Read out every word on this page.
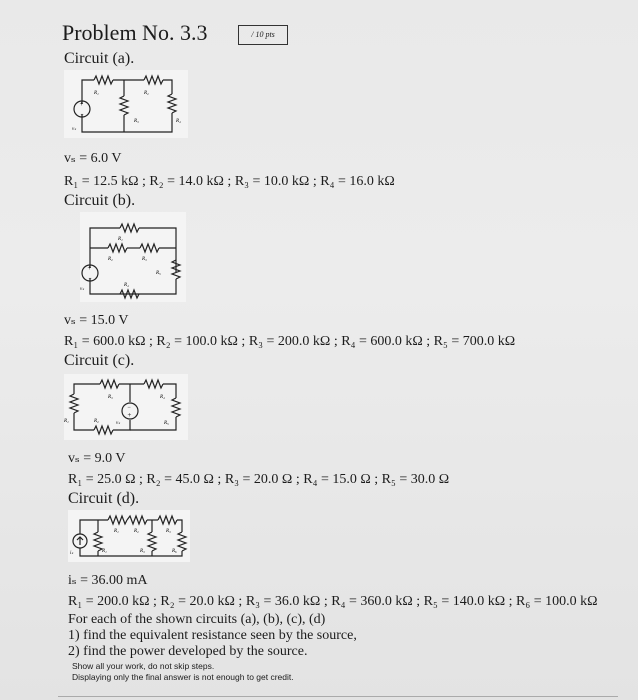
Problem No. 3.3	/ 10 pts
Circuit (a).
+
−
R₁	R₂
R₃	R₄
vₛ
vₛ = 6.0 V
R₁ = 12.5 kΩ ; R₂ = 14.0 kΩ ; R₃ = 10.0 kΩ ; R₄ = 16.0 kΩ
Circuit (b).
+
−
R₁
R₂	R₃
R₅
R₄
vₛ
vₛ = 15.0 V
R₁ = 600.0 kΩ ; R₂ = 100.0 kΩ ; R₃ = 200.0 kΩ ; R₄ = 600.0 kΩ ; R₅ = 700.0 kΩ
Circuit (c).
−
+
R₃	R₄
R₁	R₂	vₛ	R₅
vₛ = 9.0 V
R₁ = 25.0 Ω ; R₂ = 45.0 Ω ; R₃ = 20.0 Ω ; R₄ = 15.0 Ω ; R₅ = 30.0 Ω
Circuit (d).
R₁	R₂	R₃
R₁	R₃	R₆
iₛ
iₛ = 36.00 mA
R₁ = 200.0 kΩ ; R₂ = 20.0 kΩ ; R₃ = 36.0 kΩ ; R₄ = 360.0 kΩ ; R₅ = 140.0 kΩ ; R₆ = 100.0 kΩ
For each of the shown circuits (a), (b), (c), (d)
1) find the equivalent resistance seen by the source,
2) find the power developed by the source.
Show all your work, do not skip steps.
Displaying only the final answer is not enough to get credit.
